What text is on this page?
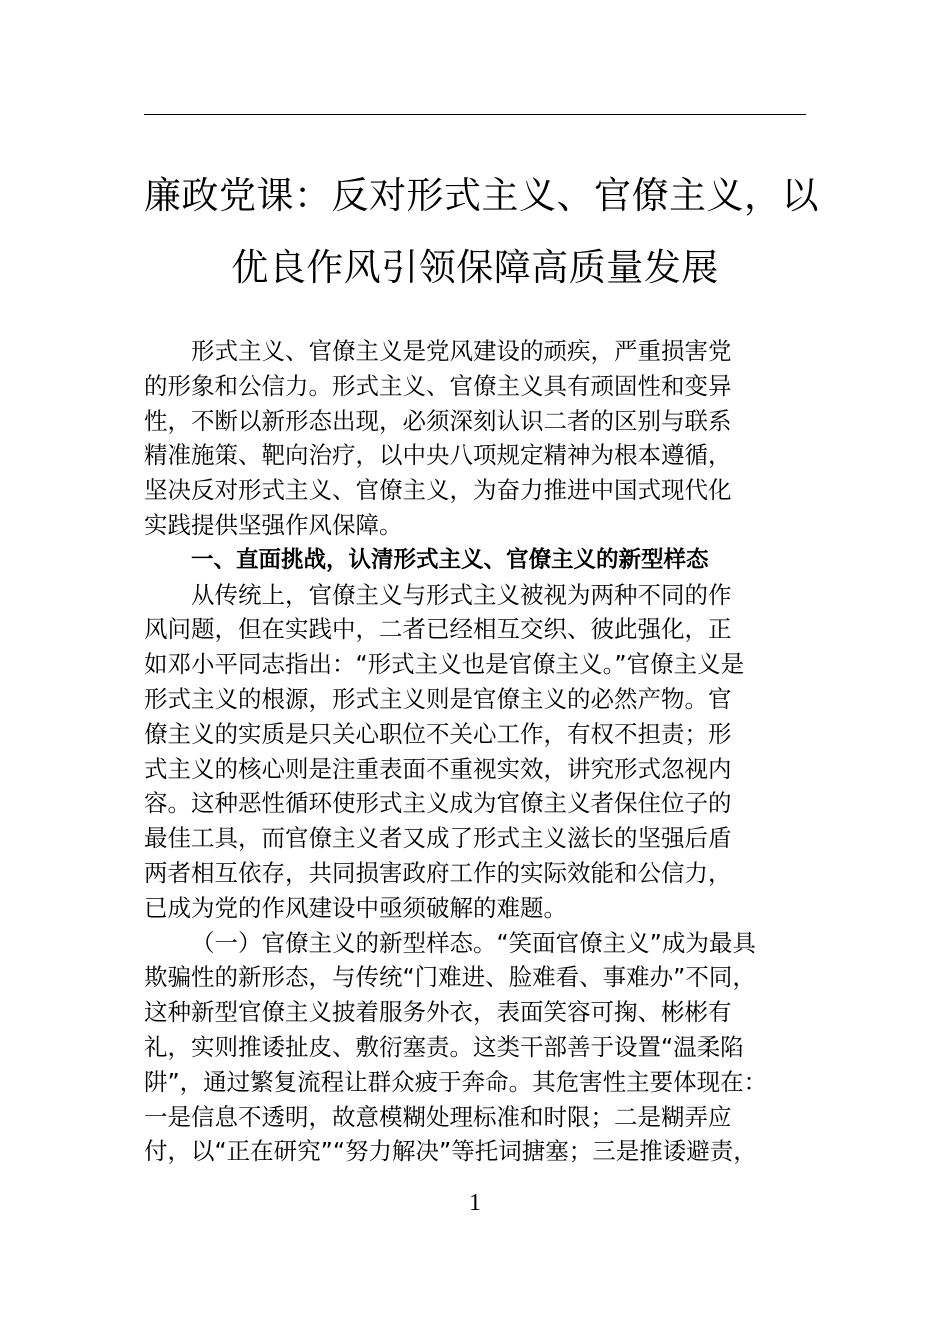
廉政党课：反对形式主义、官僚主义，以
优良作风引领保障高质量发展

形式主义、官僚主义是党风建设的顽疾，严重损害党
的形象和公信力。形式主义、官僚主义具有顽固性和变异
性，不断以新形态出现，必须深刻认识二者的区别与联系
精准施策、靶向治疗，以中央八项规定精神为根本遵循，
坚决反对形式主义、官僚主义，为奋力推进中国式现代化
实践提供坚强作风保障。

一、直面挑战，认清形式主义、官僚主义的新型样态

从传统上，官僚主义与形式主义被视为两种不同的作
风问题，但在实践中，二者已经相互交织、彼此强化，正
如邓小平同志指出：“形式主义也是官僚主义。”官僚主义是
形式主义的根源，形式主义则是官僚主义的必然产物。官
僚主义的实质是只关心职位不关心工作，有权不担责；形
式主义的核心则是注重表面不重视实效，讲究形式忽视内
容。这种恶性循环使形式主义成为官僚主义者保住位子的
最佳工具，而官僚主义者又成了形式主义滋长的坚强后盾
两者相互依存，共同损害政府工作的实际效能和公信力，
已成为党的作风建设中亟须破解的难题。

（一）官僚主义的新型样态。“笑面官僚主义”成为最具
欺骗性的新形态，与传统“门难进、脸难看、事难办”不同，
这种新型官僚主义披着服务外衣，表面笑容可掬、彬彬有
礼，实则推诿扯皮、敷衍塞责。这类干部善于设置“温柔陷
阱”，通过繁复流程让群众疲于奔命。其危害性主要体现在：
一是信息不透明，故意模糊处理标准和时限；二是糊弄应
付，以“正在研究”“努力解决”等托词搪塞；三是推诿避责，

1
